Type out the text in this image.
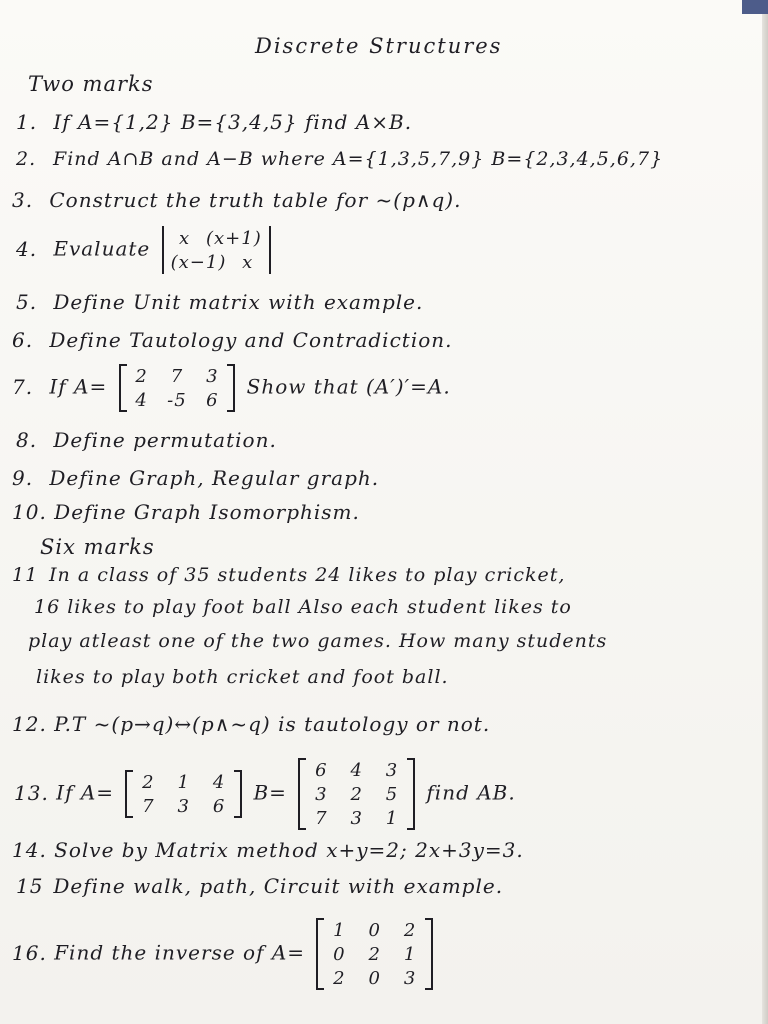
Discrete Structures
Two marks
1. If A={1,2} B={3,4,5} find A×B.
2. Find A∩B and A−B where A={1,3,5,7,9} B={2,3,4,5,6,7}
3. Construct the truth table for ~(p∧q).
4. Evaluate	x (x+1)
(x−1) x
5. Define Unit matrix with example.
6. Define Tautology and Contradiction.
7. If A=	2 7 3
4 -5 6
Show that (A′)′=A.
8. Define permutation.
9. Define Graph, Regular graph.
10. Define Graph Isomorphism.
Six marks
11 In a class of 35 students 24 likes to play cricket,
16 likes to play foot ball Also each student likes to
play atleast one of the two games. How many students
likes to play both cricket and foot ball.
12. P.T ~(p→q)↔(p∧~q) is tautology or not.
13. If A=	2 1 4
7 3 6
B=
6 4 3
3 2 5
7 3 1
find AB.
14. Solve by Matrix method x+y=2; 2x+3y=3.
15 Define walk, path, Circuit with example.
16. Find the inverse of A=
1 0 2
0 2 1
2 0 3
